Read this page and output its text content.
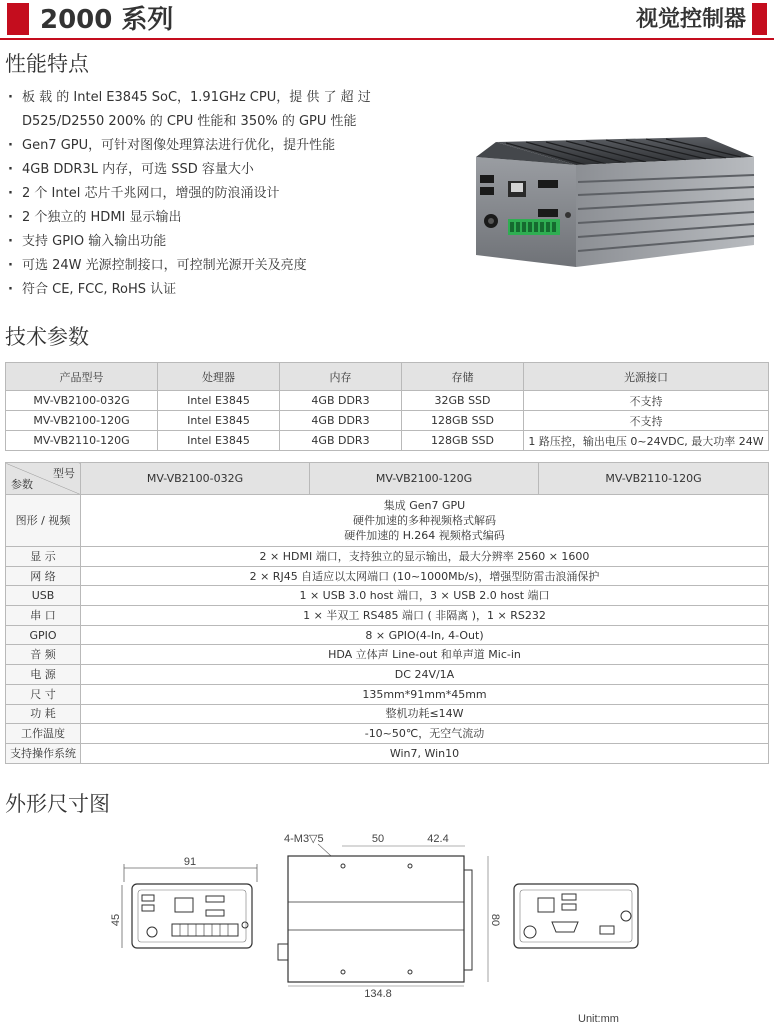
2000 系列	视觉控制器
性能特点
· 板 载 的 Intel E3845 SoC，1.91GHz CPU，提 供 了 超 过
D525/D2550 200% 的 CPU 性能和 350% 的 GPU 性能
· Gen7 GPU，可针对图像处理算法进行优化，提升性能
· 4GB DDR3L 内存，可选 SSD 容量大小
· 2 个 Intel 芯片千兆网口，增强的防浪涌设计
· 2 个独立的 HDMI 显示输出
· 支持 GPIO 输入输出功能
· 可选 24W 光源控制接口，可控制光源开关及亮度
· 符合 CE, FCC, RoHS 认证
技术参数
产品型号	处理器	内存	存储	光源接口
MV-VB2100-032G	Intel E3845	4GB DDR3	32GB SSD	不支持
MV-VB2100-120G	Intel E3845	4GB DDR3	128GB SSD	不支持
MV-VB2110-120G	Intel E3845	4GB DDR3	128GB SSD	1 路压控，输出电压 0~24VDC, 最大功率 24W
型号
参数	MV-VB2100-032G	MV-VB2100-120G	MV-VB2110-120G
图形 / 视频	集成 Gen7 GPU
硬件加速的多种视频格式解码
硬件加速的 H.264 视频格式编码		

显 示	2 × HDMI 端口，支持独立的显示输出，最大分辨率 2560 × 1600		
网 络	2 × RJ45 自适应以太网端口 (10~1000Mb/s)，增强型防雷击浪涌保护		
USB	1 × USB 3.0 host 端口，3 × USB 2.0 host 端口		
串 口	1 × 半双工 RS485 端口 ( 非隔离 )，1 × RS232		
GPIO	8 × GPIO(4-In, 4-Out)		
音 频	HDA 立体声 Line-out 和单声道 Mic-in		
电 源	DC 24V/1A		
尺 寸	135mm*91mm*45mm		
功 耗	整机功耗≤14W		
工作温度	-10~50℃，无空气流动		
支持操作系统	Win7, Win10		
外形尺寸图
91
45
4-M3▽5	50	42.4
80
134.8
Unit:mm
